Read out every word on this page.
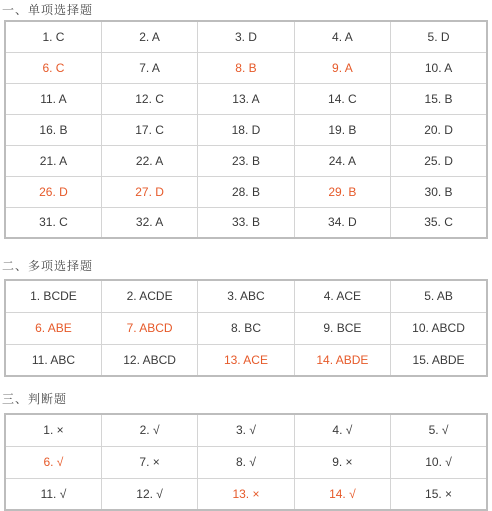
一、单项选择题
1. C	2. A	3. D	4. A	5. D
6. C	7. A	8. B	9. A	10. A
11. A	12. C	13. A	14. C	15. B
16. B	17. C	18. D	19. B	20. D
21. A	22. A	23. B	24. A	25. D
26. D	27. D	28. B	29. B	30. B
31. C	32. A	33. B	34. D	35. C
二、多项选择题
1. BCDE	2. ACDE	3. ABC	4. ACE	5. AB
6. ABE	7. ABCD	8. BC	9. BCE	10. ABCD
11. ABC	12. ABCD	13. ACE	14. ABDE	15. ABDE
三、判断题
1. ×	2. √	3. √	4. √	5. √
6. √	7. ×	8. √	9. ×	10. √
11. √	12. √	13. ×	14. √	15. ×
